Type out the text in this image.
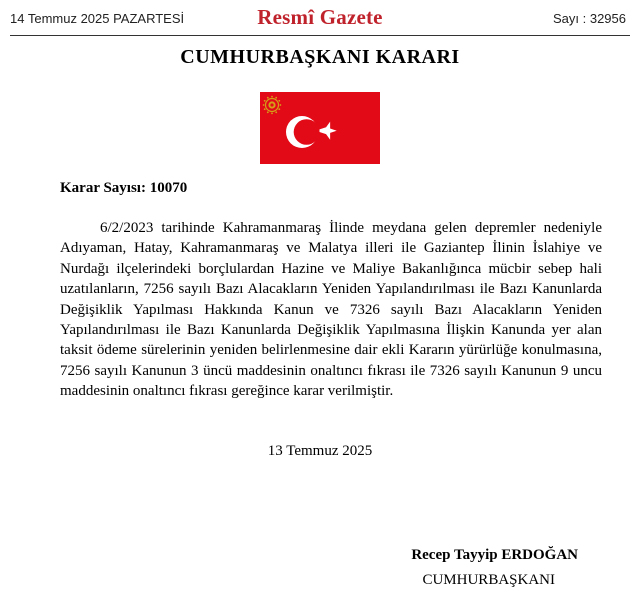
14 Temmuz 2025 PAZARTESİ	Resmî Gazete	Sayı : 32956
CUMHURBAŞKANI KARARI
Karar Sayısı: 10070

6/2/2023 tarihinde Kahramanmaraş İlinde meydana gelen depremler nedeniyle Adıyaman, Hatay, Kahramanmaraş ve Malatya illeri ile Gaziantep İlinin İslahiye ve Nurdağı ilçelerindeki borçlulardan Hazine ve Maliye Bakanlığınca mücbir sebep hali uzatılanların, 7256 sayılı Bazı Alacakların Yeniden Yapılandırılması ile Bazı Kanunlarda Değişiklik Yapılması Hakkında Kanun ve 7326 sayılı Bazı Alacakların Yeniden Yapılandırılması ile Bazı Kanunlarda Değişiklik Yapılmasına İlişkin Kanunda yer alan taksit ödeme sürelerinin yeniden belirlenmesine dair ekli Kararın yürürlüğe konulmasına, 7256 sayılı Kanunun 3 üncü maddesinin onaltıncı fıkrası ile 7326 sayılı Kanunun 9 uncu maddesinin onaltıncı fıkrası gereğince karar verilmiştir.

13 Temmuz 2025
Recep Tayyip ERDOĞAN
CUMHURBAŞKANI
